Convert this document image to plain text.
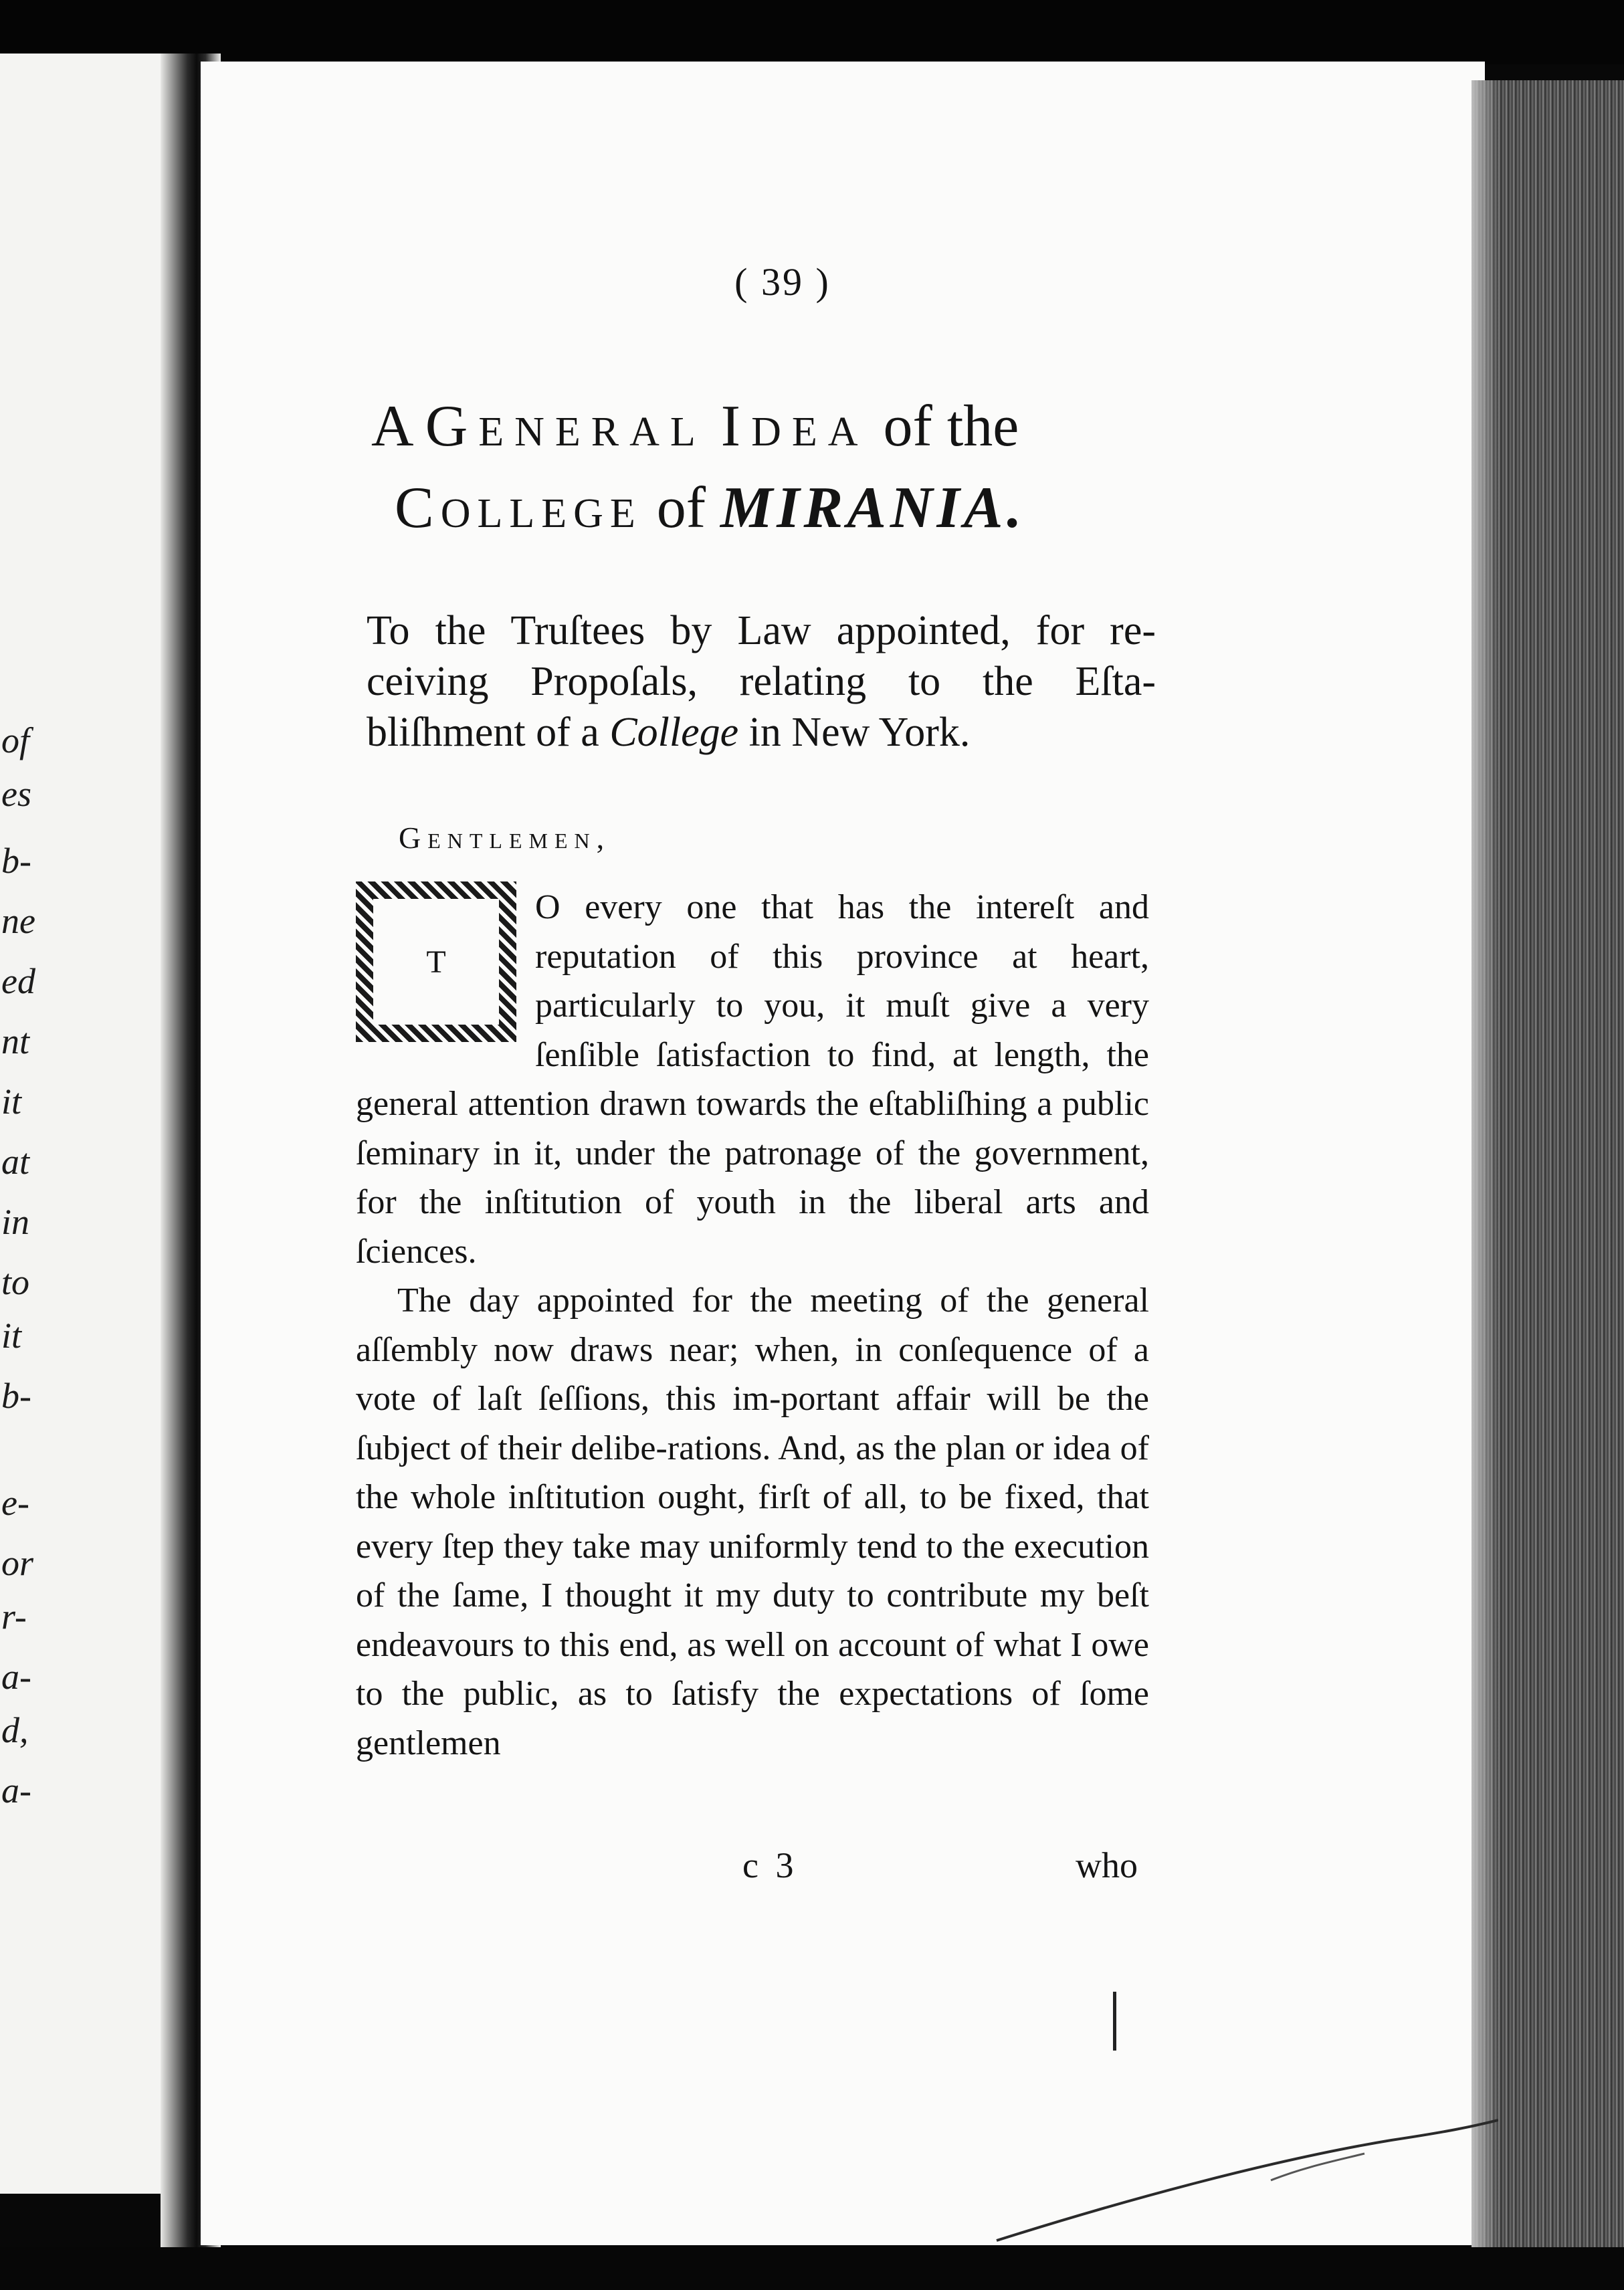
of
es
b-
ne
ed
nt
it
at
in
to
it
b-
e-
or
r-
a-
d,
a-
( 39 )
A General Idea of the
College of MIRANIA.
To the Truſtees by Law appointed, for re-ceiving Propoſals, relating to the Eſta-bliſhment of a College in New York.
Gentlemen,

O every one that has the intereſt and reputation of this province at heart, particularly to you, it muſt give a very ſenſible ſatisfaction to find, at length, the general attention drawn towards the eſtabliſhing a public ſeminary in it, under the patronage of the government, for the inſtitution of youth in the liberal arts and ſciences.

The day appointed for the meeting of the general aſſembly now draws near; when, in conſequence of a vote of laſt ſeſſions, this im-portant affair will be the ſubject of their delibe-rations. And, as the plan or idea of the whole inſtitution ought, firſt of all, to be fixed, that every ſtep they take may uniformly tend to the execution of the ſame, I thought it my duty to contribute my beſt endeavours to this end, as well on account of what I owe to the public, as to ſatisfy the expectations of ſome gentlemen

T
c 3	who
